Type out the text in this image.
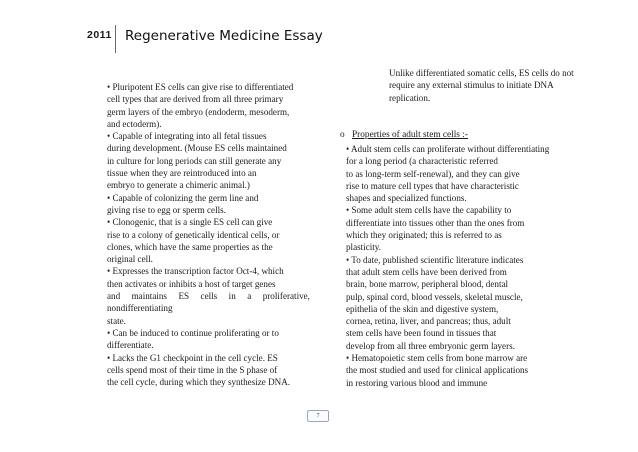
2011 Regenerative Medicine Essay
• Pluripotent ES cells can give rise to differentiated
cell types that are derived from all three primary
germ layers of the embryo (endoderm, mesoderm,
and ectoderm).
• Capable of integrating into all fetal tissues
during development. (Mouse ES cells maintained
in culture for long periods can still generate any
tissue when they are reintroduced into an
embryo to generate a chimeric animal.)
• Capable of colonizing the germ line and
giving rise to egg or sperm cells.
• Clonogenic, that is a single ES cell can give
rise to a colony of genetically identical cells, or
clones, which have the same properties as the
original cell.
• Expresses the transcription factor Oct-4, which
then activates or inhibits a host of target genes
and maintains ES cells in a proliferative,
nondifferentiating
state.
• Can be induced to continue proliferating or to
differentiate.
• Lacks the G1 checkpoint in the cell cycle. ES
cells spend most of their time in the S phase of
the cell cycle, during which they synthesize DNA.
Unlike differentiated somatic cells, ES cells do not
require any external stimulus to initiate DNA
replication.
o Properties of adult stem cells :-
• Adult stem cells can proliferate without differentiating
for a long period (a characteristic referred
to as long-term self-renewal), and they can give
rise to mature cell types that have characteristic
shapes and specialized functions.
• Some adult stem cells have the capability to
differentiate into tissues other than the ones from
which they originated; this is referred to as
plasticity.
• To date, published scientific literature indicates
that adult stem cells have been derived from
brain, bone marrow, peripheral blood, dental
pulp, spinal cord, blood vessels, skeletal muscle,
epithelia of the skin and digestive system,
cornea, retina, liver, and pancreas; thus, adult
stem cells have been found in tissues that
develop from all three embryonic germ layers.
• Hematopoietic stem cells from bone marrow are
the most studied and used for clinical applications
in restoring various blood and immune
7
